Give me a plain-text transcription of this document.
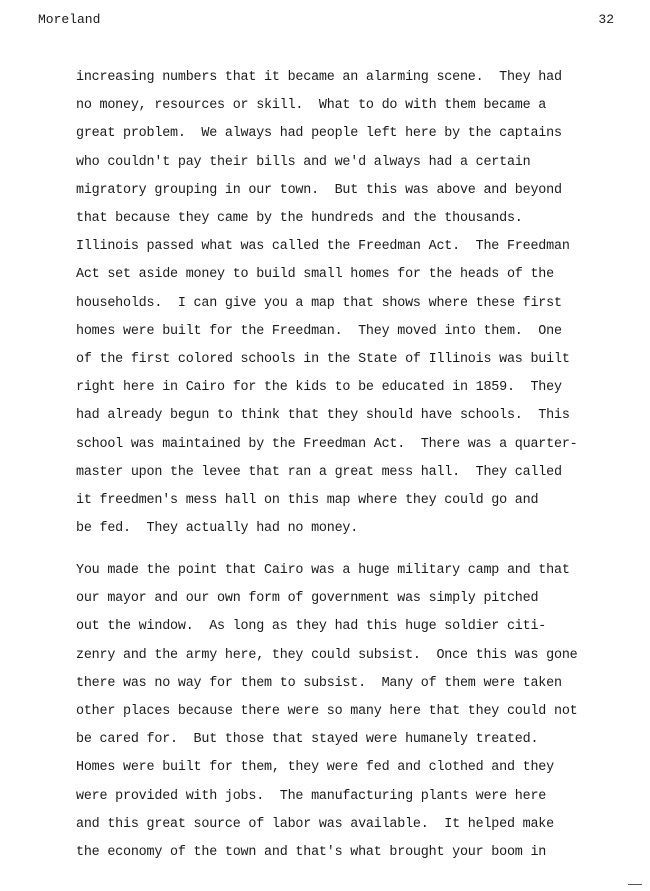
Moreland	32
increasing numbers that it became an alarming scene.  They had
no money, resources or skill.  What to do with them became a
great problem.  We always had people left here by the captains
who couldn't pay their bills and we'd always had a certain
migratory grouping in our town.  But this was above and beyond
that because they came by the hundreds and the thousands.
Illinois passed what was called the Freedman Act.  The Freedman
Act set aside money to build small homes for the heads of the
households.  I can give you a map that shows where these first
homes were built for the Freedman.  They moved into them.  One
of the first colored schools in the State of Illinois was built
right here in Cairo for the kids to be educated in 1859.  They
had already begun to think that they should have schools.  This
school was maintained by the Freedman Act.  There was a quarter-
master upon the levee that ran a great mess hall.  They called
it freedmen's mess hall on this map where they could go and
be fed.  They actually had no money.
You made the point that Cairo was a huge military camp and that
our mayor and our own form of government was simply pitched
out the window.  As long as they had this huge soldier citi-
zenry and the army here, they could subsist.  Once this was gone
there was no way for them to subsist.  Many of them were taken
other places because there were so many here that they could not
be cared for.  But those that stayed were humanely treated.
Homes were built for them, they were fed and clothed and they
were provided with jobs.  The manufacturing plants were here
and this great source of labor was available.  It helped make
the economy of the town and that's what brought your boom in
